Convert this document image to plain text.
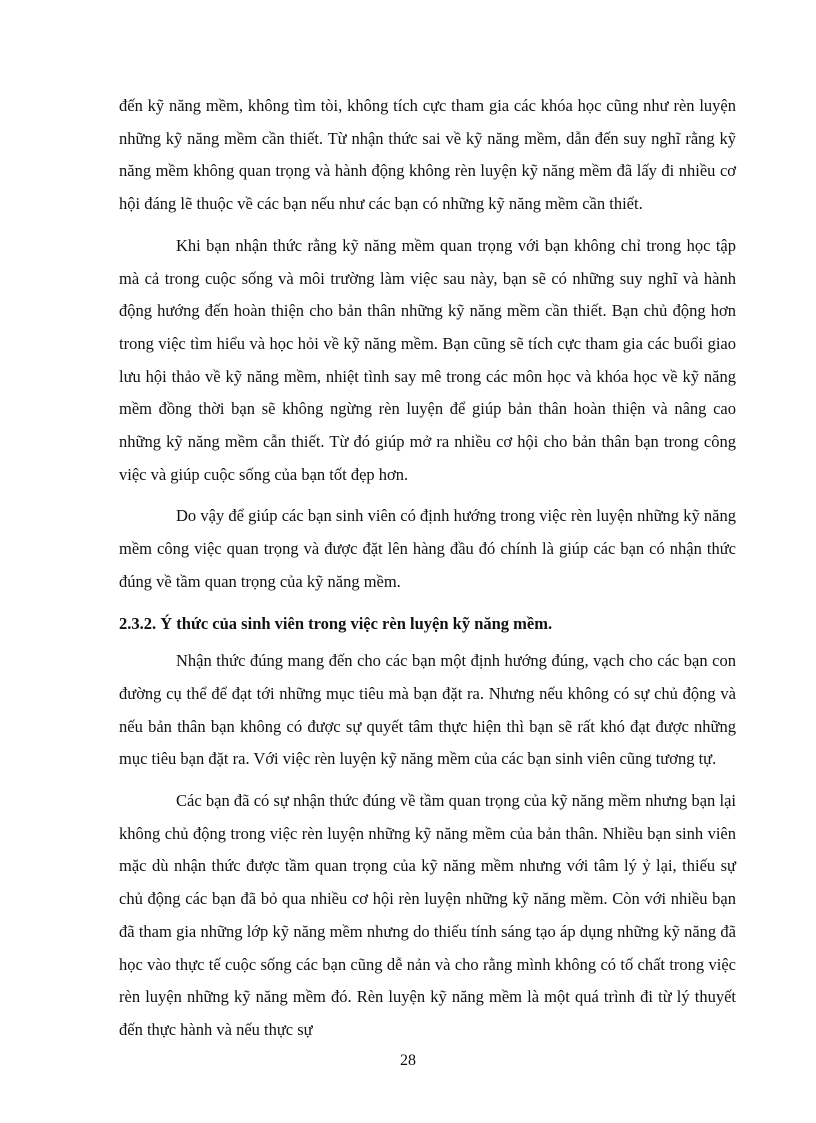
đến kỹ năng mềm, không tìm tòi, không tích cực tham gia các khóa học cũng như rèn luyện những kỹ năng mềm cần thiết. Từ nhận thức sai về kỹ năng mềm, dẫn đến suy nghĩ rằng kỹ năng mềm không quan trọng và hành động không rèn luyện kỹ năng mềm đã lấy đi nhiều cơ hội đáng lẽ thuộc về các bạn nếu như các bạn có những kỹ năng mềm cần thiết.

Khi bạn nhận thức rằng kỹ năng mềm quan trọng với bạn không chỉ trong học tập mà cả trong cuộc sống và môi trường làm việc sau này, bạn sẽ có những suy nghĩ và hành động hướng đến hoàn thiện cho bản thân những kỹ năng mềm cần thiết. Bạn chủ động hơn trong việc tìm hiểu và học hỏi về kỹ năng mềm. Bạn cũng sẽ tích cực tham gia các buổi giao lưu hội thảo về kỹ năng mềm, nhiệt tình say mê trong các môn học và khóa học về kỹ năng mềm đồng thời bạn sẽ không ngừng rèn luyện để giúp bản thân hoàn thiện và nâng cao những kỹ năng mềm cẫn thiết. Từ đó giúp mở ra nhiều cơ hội cho bản thân bạn trong công việc và giúp cuộc sống của bạn tốt đẹp hơn.

Do vậy để giúp các bạn sinh viên có định hướng trong việc rèn luyện những kỹ năng mềm công việc quan trọng và được đặt lên hàng đầu đó chính là giúp các bạn có nhận thức đúng về tầm quan trọng của kỹ năng mềm.

2.3.2. Ý thức của sinh viên trong việc rèn luyện kỹ năng mềm.

Nhận thức đúng mang đến cho các bạn một định hướng đúng, vạch cho các bạn con đường cụ thể để đạt tới những mục tiêu mà bạn đặt ra. Nhưng nếu không có sự chủ động và nếu bản thân bạn không có được sự quyết tâm thực hiện thì bạn sẽ rất khó đạt được những mục tiêu bạn đặt ra. Với việc rèn luyện kỹ năng mềm của các bạn sinh viên cũng tương tự.

Các bạn đã có sự nhận thức đúng về tầm quan trọng của kỹ năng mềm nhưng bạn lại không chủ động trong việc rèn luyện những kỹ năng mềm của bản thân. Nhiều bạn sinh viên mặc dù nhận thức được tầm quan trọng của kỹ năng mềm nhưng với tâm lý ỷ lại, thiếu sự chủ động các bạn đã bỏ qua nhiều cơ hội rèn luyện những kỹ năng mềm. Còn với nhiều bạn đã tham gia những lớp kỹ năng mềm nhưng do thiếu tính sáng tạo áp dụng những kỹ năng đã học vào thực tế cuộc sống các bạn cũng dễ nản và cho rằng mình không có tố chất trong việc rèn luyện những kỹ năng mềm đó. Rèn luyện kỹ năng mềm là một quá trình đi từ lý thuyết đến thực hành và nếu thực sự

28
